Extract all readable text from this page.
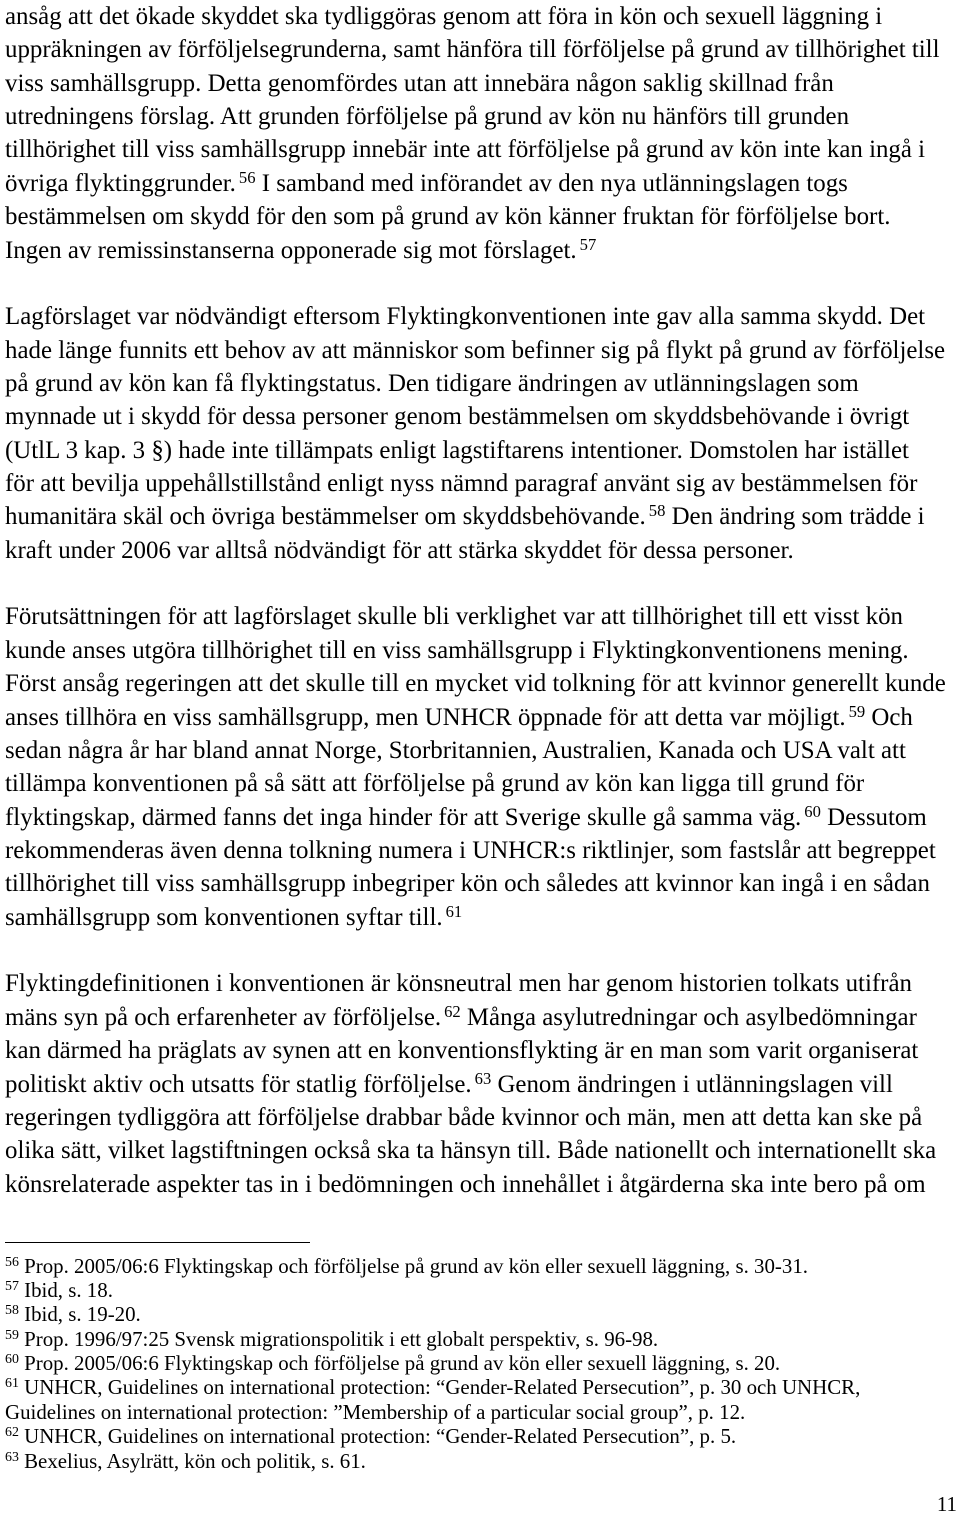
ansåg att det ökade skyddet ska tydliggöras genom att föra in kön och sexuell läggning i
uppräkningen av förföljelsegrunderna, samt hänföra till förföljelse på grund av tillhörighet till
viss samhällsgrupp. Detta genomfördes utan att innebära någon saklig skillnad från
utredningens förslag. Att grunden förföljelse på grund av kön nu hänförs till grunden
tillhörighet till viss samhällsgrupp innebär inte att förföljelse på grund av kön inte kan ingå i
övriga flyktinggrunder. $^{56}$ I samband med införandet av den nya utlänningslagen togs
bestämmelsen om skydd för den som på grund av kön känner fruktan för förföljelse bort.
Ingen av remissinstanserna opponerade sig mot förslaget. $^{57}$
Lagförslaget var nödvändigt eftersom Flyktingkonventionen inte gav alla samma skydd. Det
hade länge funnits ett behov av att människor som befinner sig på flykt på grund av förföljelse
på grund av kön kan få flyktingstatus. Den tidigare ändringen av utlänningslagen som
mynnade ut i skydd för dessa personer genom bestämmelsen om skyddsbehövande i övrigt
(UtlL 3 kap. 3 §) hade inte tillämpats enligt lagstiftarens intentioner. Domstolen har istället
för att bevilja uppehållstillstånd enligt nyss nämnd paragraf använt sig av bestämmelsen för
humanitära skäl och övriga bestämmelser om skyddsbehövande. $^{58}$ Den ändring som trädde i
kraft under 2006 var alltså nödvändigt för att stärka skyddet för dessa personer.
Förutsättningen för att lagförslaget skulle bli verklighet var att tillhörighet till ett visst kön
kunde anses utgöra tillhörighet till en viss samhällsgrupp i Flyktingkonventionens mening.
Först ansåg regeringen att det skulle till en mycket vid tolkning för att kvinnor generellt kunde
anses tillhöra en viss samhällsgrupp, men UNHCR öppnade för att detta var möjligt. $^{59}$ Och
sedan några år har bland annat Norge, Storbritannien, Australien, Kanada och USA valt att
tillämpa konventionen på så sätt att förföljelse på grund av kön kan ligga till grund för
flyktingskap, därmed fanns det inga hinder för att Sverige skulle gå samma väg. $^{60}$ Dessutom
rekommenderas även denna tolkning numera i UNHCR:s riktlinjer, som fastslår att begreppet
tillhörighet till viss samhällsgrupp inbegriper kön och således att kvinnor kan ingå i en sådan
samhällsgrupp som konventionen syftar till. $^{61}$
Flyktingdefinitionen i konventionen är könsneutral men har genom historien tolkats utifrån
mäns syn på och erfarenheter av förföljelse. $^{62}$ Många asylutredningar och asylbedömningar
kan därmed ha präglats av synen att en konventionsflykting är en man som varit organiserat
politiskt aktiv och utsatts för statlig förföljelse. $^{63}$ Genom ändringen i utlänningslagen vill
regeringen tydliggöra att förföljelse drabbar både kvinnor och män, men att detta kan ske på
olika sätt, vilket lagstiftningen också ska ta hänsyn till. Både nationellt och internationellt ska
könsrelaterade aspekter tas in i bedömningen och innehållet i åtgärderna ska inte bero på om
$^{56}$ Prop. 2005/06:6 Flyktingskap och förföljelse på grund av kön eller sexuell läggning, s. 30-31.
$^{57}$ Ibid, s. 18.
$^{58}$ Ibid, s. 19-20.
$^{59}$ Prop. 1996/97:25 Svensk migrationspolitik i ett globalt perspektiv, s. 96-98.
$^{60}$ Prop. 2005/06:6 Flyktingskap och förföljelse på grund av kön eller sexuell läggning, s. 20.
$^{61}$ UNHCR, Guidelines on international protection: “Gender-Related Persecution”, p. 30 och UNHCR,
Guidelines on international protection: ”Membership of a particular social group”, p. 12.
$^{62}$ UNHCR, Guidelines on international protection: “Gender-Related Persecution”, p. 5.
$^{63}$ Bexelius, Asylrätt, kön och politik, s. 61.
11
